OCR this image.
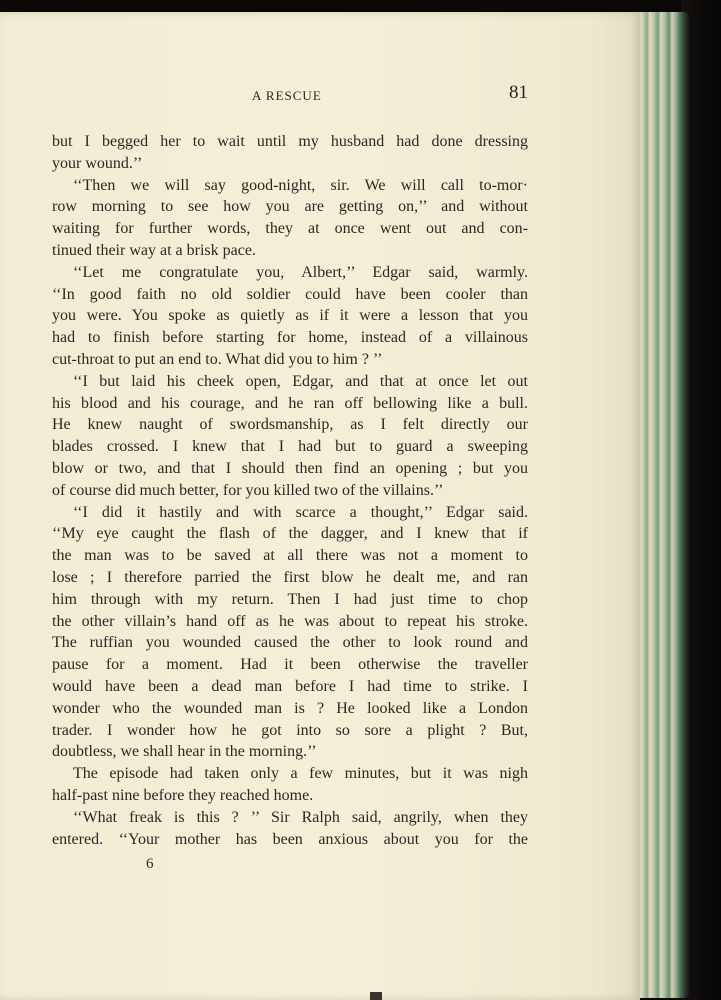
A RESCUE	81
but I begged her to wait until my husband had done dressing
your wound.’’
‘‘Then we will say good-night, sir. We will call to-mor·
row morning to see how you are getting on,’’ and without
waiting for further words, they at once went out and con-
tinued their way at a brisk pace.
‘‘Let me congratulate you, Albert,’’ Edgar said, warmly.
‘‘In good faith no old soldier could have been cooler than
you were. You spoke as quietly as if it were a lesson that you
had to finish before starting for home, instead of a villainous
cut-throat to put an end to. What did you to him ? ’’
‘‘I but laid his cheek open, Edgar, and that at once let out
his blood and his courage, and he ran off bellowing like a bull.
He knew naught of swordsmanship, as I felt directly our
blades crossed. I knew that I had but to guard a sweeping
blow or two, and that I should then find an opening ; but you
of course did much better, for you killed two of the villains.’’
‘‘I did it hastily and with scarce a thought,’’ Edgar said.
‘‘My eye caught the flash of the dagger, and I knew that if
the man was to be saved at all there was not a moment to
lose ; I therefore parried the first blow he dealt me, and ran
him through with my return. Then I had just time to chop
the other villain’s hand off as he was about to repeat his stroke.
The ruffian you wounded caused the other to look round and
pause for a moment. Had it been otherwise the traveller
would have been a dead man before I had time to strike. I
wonder who the wounded man is ? He looked like a London
trader. I wonder how he got into so sore a plight ? But,
doubtless, we shall hear in the morning.’’
The episode had taken only a few minutes, but it was nigh
half-past nine before they reached home.
‘‘What freak is this ? ’’ Sir Ralph said, angrily, when they
entered. ‘‘Your mother has been anxious about you for the
6
